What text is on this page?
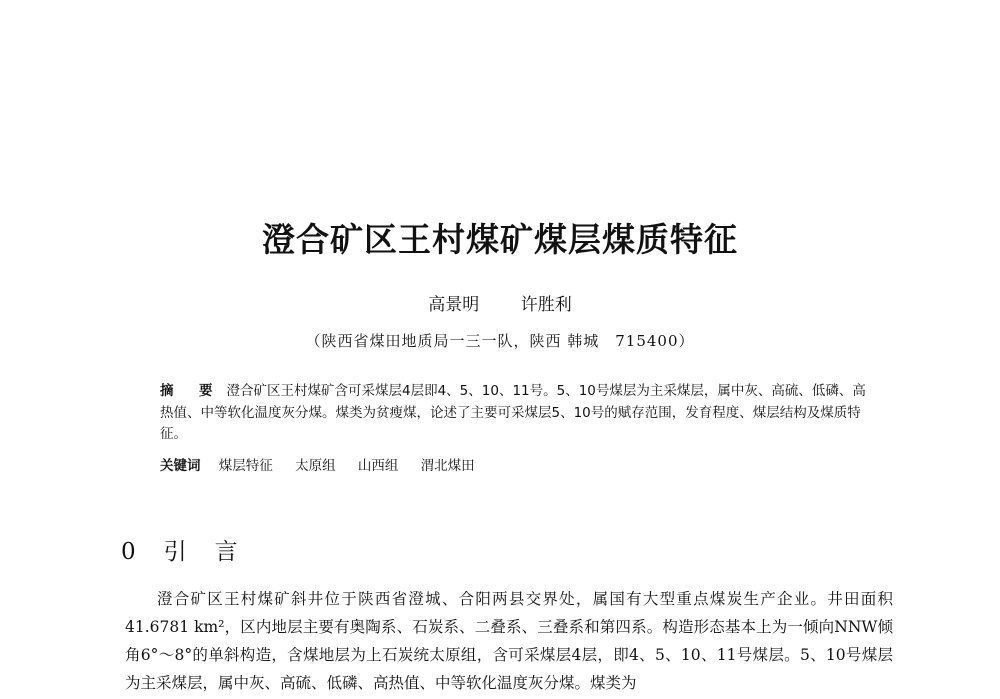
澄合矿区王村煤矿煤层煤质特征
高景明 许胜利
（陕西省煤田地质局一三一队，陕西 韩城　715400）
摘　要 澄合矿区王村煤矿含可采煤层4层即4、5、10、11号。5、10号煤层为主采煤层，属中灰、高硫、低磷、高热值、中等软化温度灰分煤。煤类为贫瘦煤，论述了主要可采煤层5、10号的赋存范围，发育程度、煤层结构及煤质特征。
关键词 煤层特征 太原组 山西组 渭北煤田
0 引言

澄合矿区王村煤矿斜井位于陕西省澄城、合阳两县交界处，属国有大型重点煤炭生产企业。井田面积41.6781 km²，区内地层主要有奥陶系、石炭系、二叠系、三叠系和第四系。构造形态基本上为一倾向NNW倾角6°～8°的单斜构造，含煤地层为上石炭统太原组，含可采煤层4层，即4、5、10、11号煤层。5、10号煤层为主采煤层，属中灰、高硫、低磷、高热值、中等软化温度灰分煤。煤类为
